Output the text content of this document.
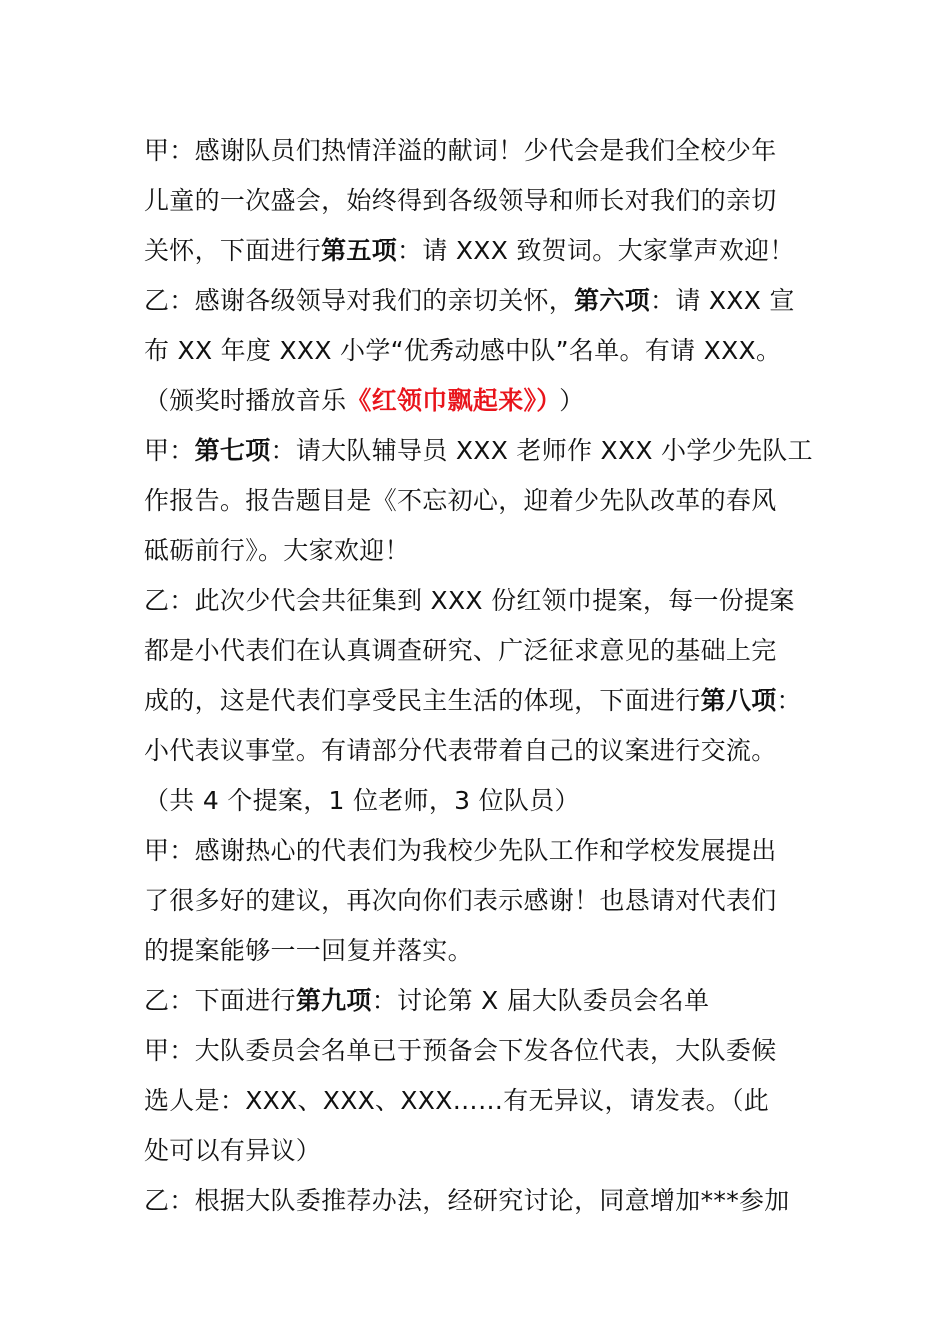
甲：感谢队员们热情洋溢的献词！少代会是我们全校少年
儿童的一次盛会，始终得到各级领导和师长对我们的亲切
关怀，下面进行第五项：请 XXX 致贺词。大家掌声欢迎！
乙：感谢各级领导对我们的亲切关怀，第六项：请 XXX 宣
布 XX 年度 XXX 小学“优秀动感中队”名单。有请 XXX。
（颁奖时播放音乐《红领巾飘起来》） ）
甲：第七项：请大队辅导员 XXX 老师作 XXX 小学少先队工
作报告。报告题目是《不忘初心，迎着少先队改革的春风
砥砺前行》。大家欢迎！
乙：此次少代会共征集到 XXX 份红领巾提案，每一份提案
都是小代表们在认真调查研究、广泛征求意见的基础上完
成的，这是代表们享受民主生活的体现，下面进行第八项：
小代表议事堂。有请部分代表带着自己的议案进行交流。
（共 4 个提案，1 位老师，3 位队员）
甲：感谢热心的代表们为我校少先队工作和学校发展提出
了很多好的建议，再次向你们表示感谢！也恳请对代表们
的提案能够一一回复并落实。
乙：下面进行第九项：讨论第 X 届大队委员会名单
甲：大队委员会名单已于预备会下发各位代表，大队委候
选人是：XXX、XXX、XXX……有无异议，请发表。（此
处可以有异议）
乙：根据大队委推荐办法，经研究讨论，同意增加***参加
